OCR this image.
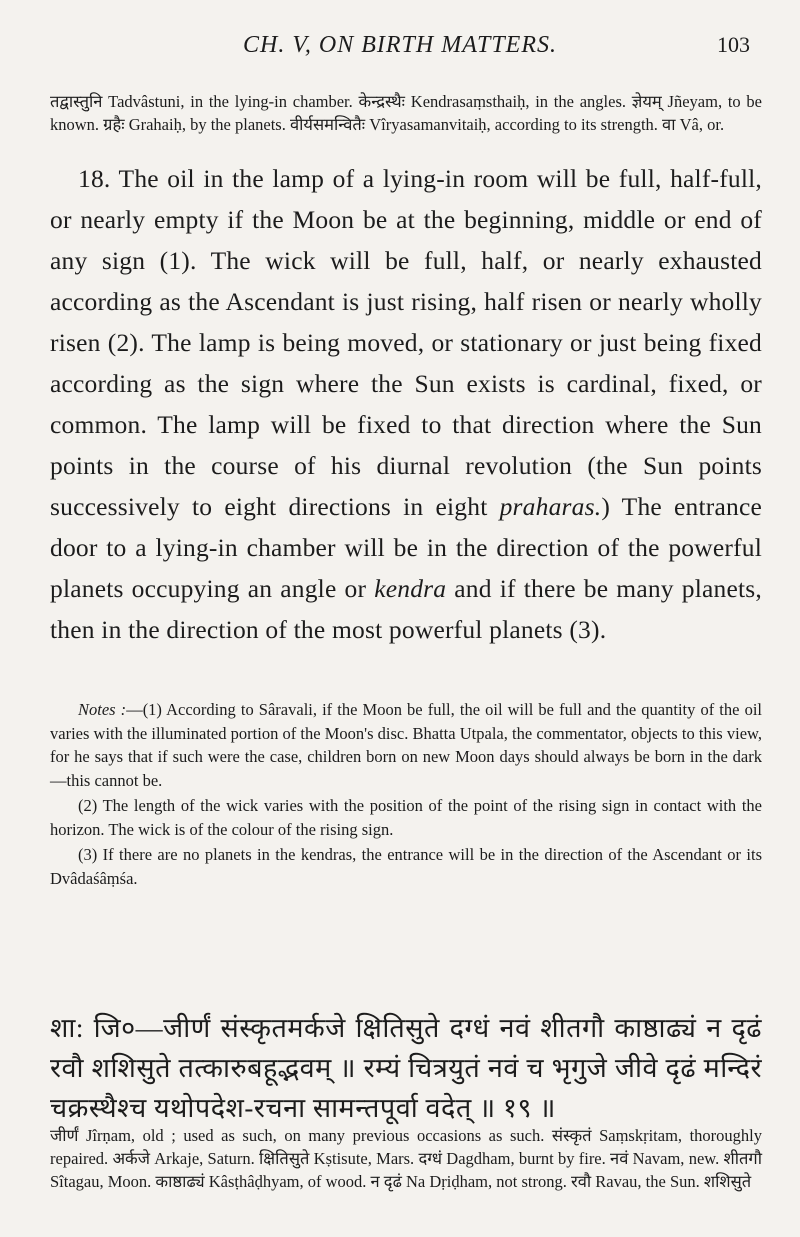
CH. V, ON BIRTH MATTERS.	103
तद्वास्तुनि Tadvâstuni, in the lying-in chamber. केन्द्रस्थैः Kendrasaṃsthaiḥ, in the angles. ज्ञेयम् Jñeyam, to be known. ग्रहैः Grahaiḥ, by the planets. वीर्यसमन्वितैः Vîryasamanvitaiḥ, according to its strength. वा Vâ, or.

18. The oil in the lamp of a lying-in room will be full, half-full, or nearly empty if the Moon be at the beginning, middle or end of any sign (1). The wick will be full, half, or nearly exhausted according as the Ascendant is just rising, half risen or nearly wholly risen (2). The lamp is being moved, or stationary or just being fixed according as the sign where the Sun exists is cardinal, fixed, or common. The lamp will be fixed to that direction where the Sun points in the course of his diurnal revolution (the Sun points successively to eight directions in eight praharas.) The entrance door to a lying-in chamber will be in the direction of the powerful planets occupying an angle or kendra and if there be many planets, then in the direction of the most powerful planets (3).

Notes :—(1) According to Sâravali, if the Moon be full, the oil will be full and the quantity of the oil varies with the illuminated portion of the Moon's disc. Bhatta Utpala, the commentator, objects to this view, for he says that if such were the case, children born on new Moon days should always be born in the dark—this cannot be.

(2) The length of the wick varies with the position of the point of the rising sign in contact with the horizon. The wick is of the colour of the rising sign.

(3) If there are no planets in the kendras, the entrance will be in the direction of the Ascendant or its Dvâdaśâṃśa.

शा: जि०—जीर्णं संस्कृतमर्कजे क्षितिसुते दग्धं नवं शीतगौ काष्ठाढ्यं न दृढं रवौ शशिसुते तत्कारुबहूद्भवम् ॥ रम्यं चित्रयुतं नवं च भृगुजे जीवे दृढं मन्दिरं चक्रस्थैश्च यथोपदेश-रचना सामन्तपूर्वा वदेत् ॥ १९ ॥
जीर्णं Jîrṇam, old ; used as such, on many previous occasions as such. संस्कृतं Saṃskṛitam, thoroughly repaired. अर्कजे Arkaje, Saturn. क्षितिसुते Kṣtisute, Mars. दग्धं Dagdham, burnt by fire. नवं Navam, new. शीतगौ Sîtagau, Moon. काष्ठाढ्यं Kâsṭhâḍhyam, of wood. न दृढं Na Dṛiḍham, not strong. रवौ Ravau, the Sun. शशिसुते
